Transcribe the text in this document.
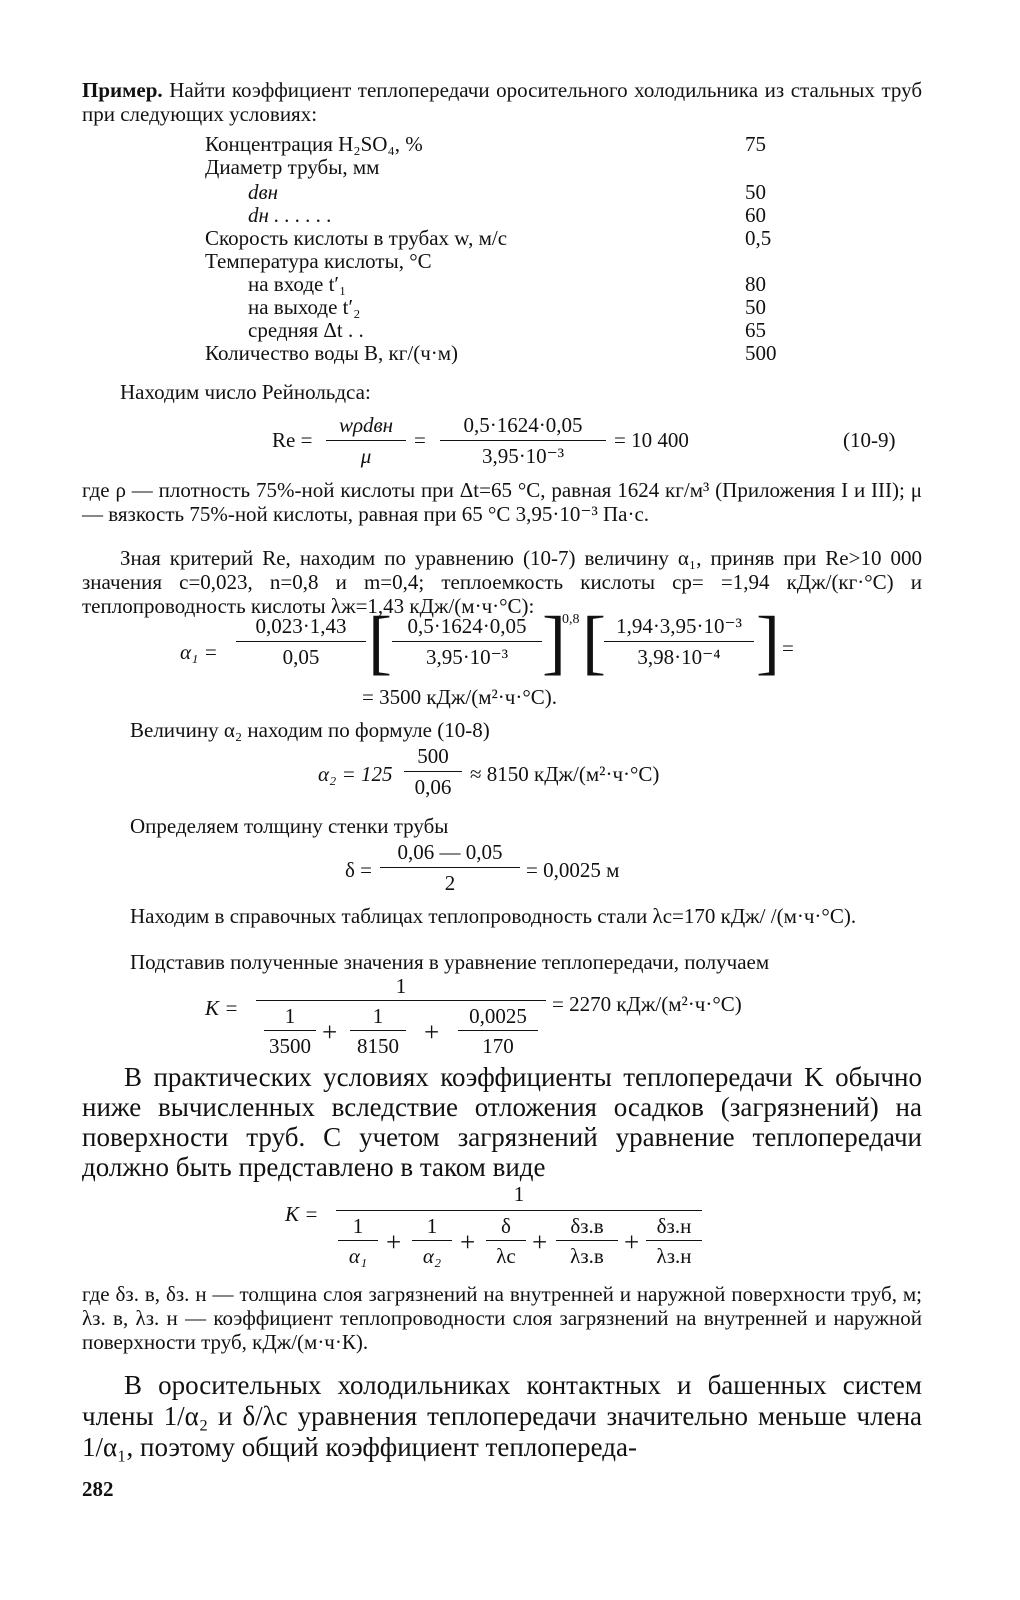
Пример. Найти коэффициент теплопередачи оросительного холодильника из стальных труб при следующих условиях:
Концентрация H₂SO₄, %	75
Диаметр трубы, мм
dвн	50
dн . . . . . .	60
Скорость кислоты в трубах w, м/с	0,5
Температура кислоты, °С
на входе t′₁	80
на выходе t′₂	50
средняя Δt . .	65
Количество воды B, кг/(ч·м)	500
Находим число Рейнольдса:
Re =
wρdвн
μ
=
0,5·1624·0,05
3,95·10⁻³
= 10 400	(10-9)
где ρ — плотность 75%-ной кислоты при Δt=65 °С, равная 1624 кг/м³ (Приложения I и III); μ — вязкость 75%-ной кислоты, равная при 65 °С 3,95·10⁻³ Па·с.
Зная критерий Re, находим по уравнению (10-7) величину α₁, приняв при Re>10 000 значения c=0,023, n=0,8 и m=0,4; теплоемкость кислоты cp= =1,94 кДж/(кг·°С) и теплопроводность кислоты λж=1,43 кДж/(м·ч·°С):
α₁ =
0,023·1,43
0,05 [ 0,5·1624·0,05
3,95·10⁻³ ]
0,8 [ 1,94·3,95·10⁻³
3,98·10⁻⁴ ] =
= 3500 кДж/(м²·ч·°С).
Величину α₂ находим по формуле (10-8)
α₂ = 125
500
0,06
≈ 8150 кДж/(м²·ч·°С)
Определяем толщину стенки трубы
δ =
0,06 — 0,05
2
= 0,0025 м
Находим в справочных таблицах теплопроводность стали λс=170 кДж/ /(м·ч·°С).
Подставив полученные значения в уравнение теплопередачи, получаем
K =
1
1
3500 +
1
8150 +
0,0025
170
= 2270 кДж/(м²·ч·°С)
В практических условиях коэффициенты теплопередачи K обычно ниже вычисленных вследствие отложения осадков (загрязнений) на поверхности труб. С учетом загрязнений уравнение теплопередачи должно быть представлено в таком виде
K =
1
1
α₁ +
1
α₂ +
δ
λс +
δз.в
λз.в +
δз.н
λз.н
где δз. в, δз. н — толщина слоя загрязнений на внутренней и наружной поверхности труб, м; λз. в, λз. н — коэффициент теплопроводности слоя загрязнений на внутренней и наружной поверхности труб, кДж/(м·ч·К).
В оросительных холодильниках контактных и башенных систем члены 1/α₂ и δ/λс уравнения теплопередачи значительно меньше члена 1/α₁, поэтому общий коэффициент теплопереда-
282
